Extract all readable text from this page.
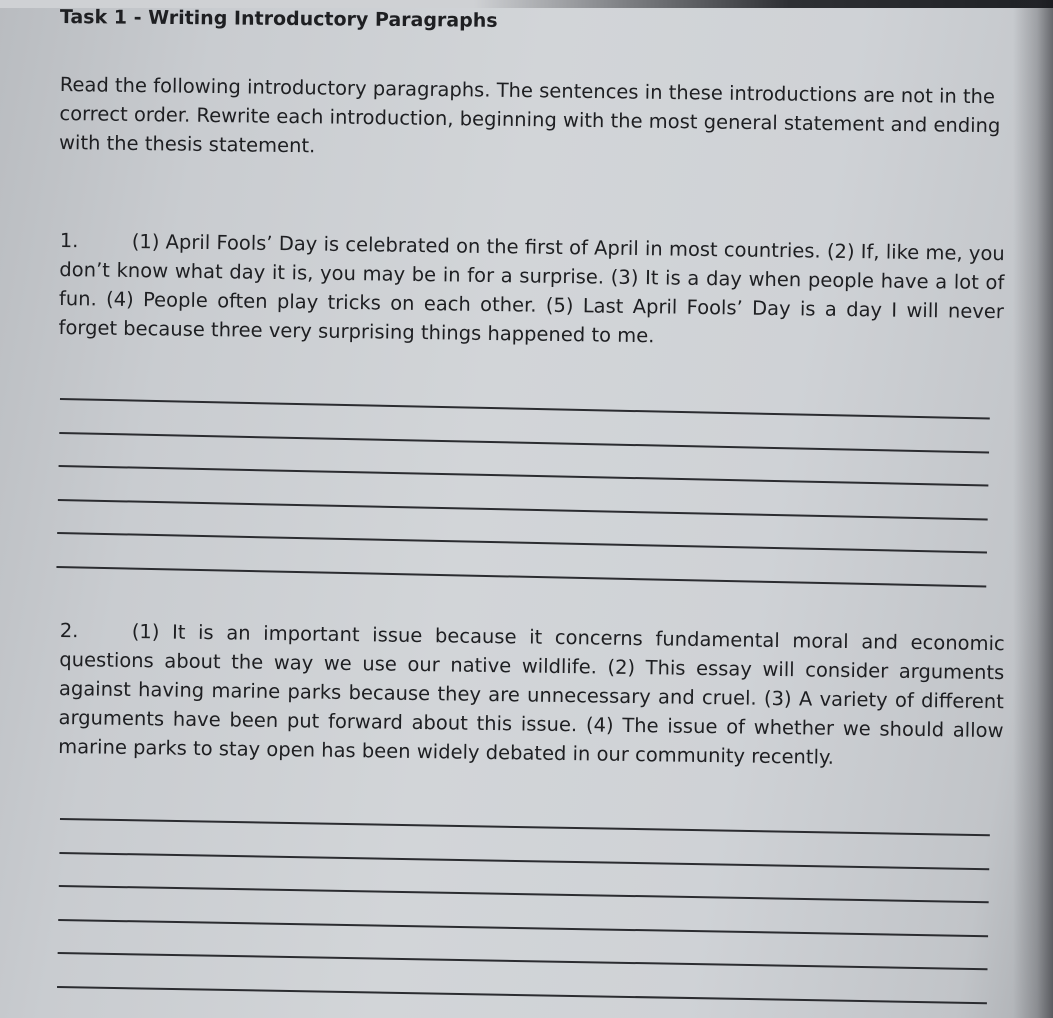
Task 1 - Writing Introductory Paragraphs

Read the following introductory paragraphs. The sentences in these introductions are not in the correct order. Rewrite each introduction, beginning with the most general statement and ending with the thesis statement.

1.	(1) April Fools’ Day is celebrated on the first of April in most countries. (2) If, like me, you don’t know what day it is, you may be in for a surprise. (3) It is a day when people have a lot of fun. (4) People often play tricks on each other. (5) Last April Fools’ Day is a day I will never forget because three very surprising things happened to me.

2.	(1) It is an important issue because it concerns fundamental moral and economic questions about the way we use our native wildlife. (2) This essay will consider arguments against having marine parks because they are unnecessary and cruel. (3) A variety of different arguments have been put forward about this issue. (4) The issue of whether we should allow marine parks to stay open has been widely debated in our community recently.
